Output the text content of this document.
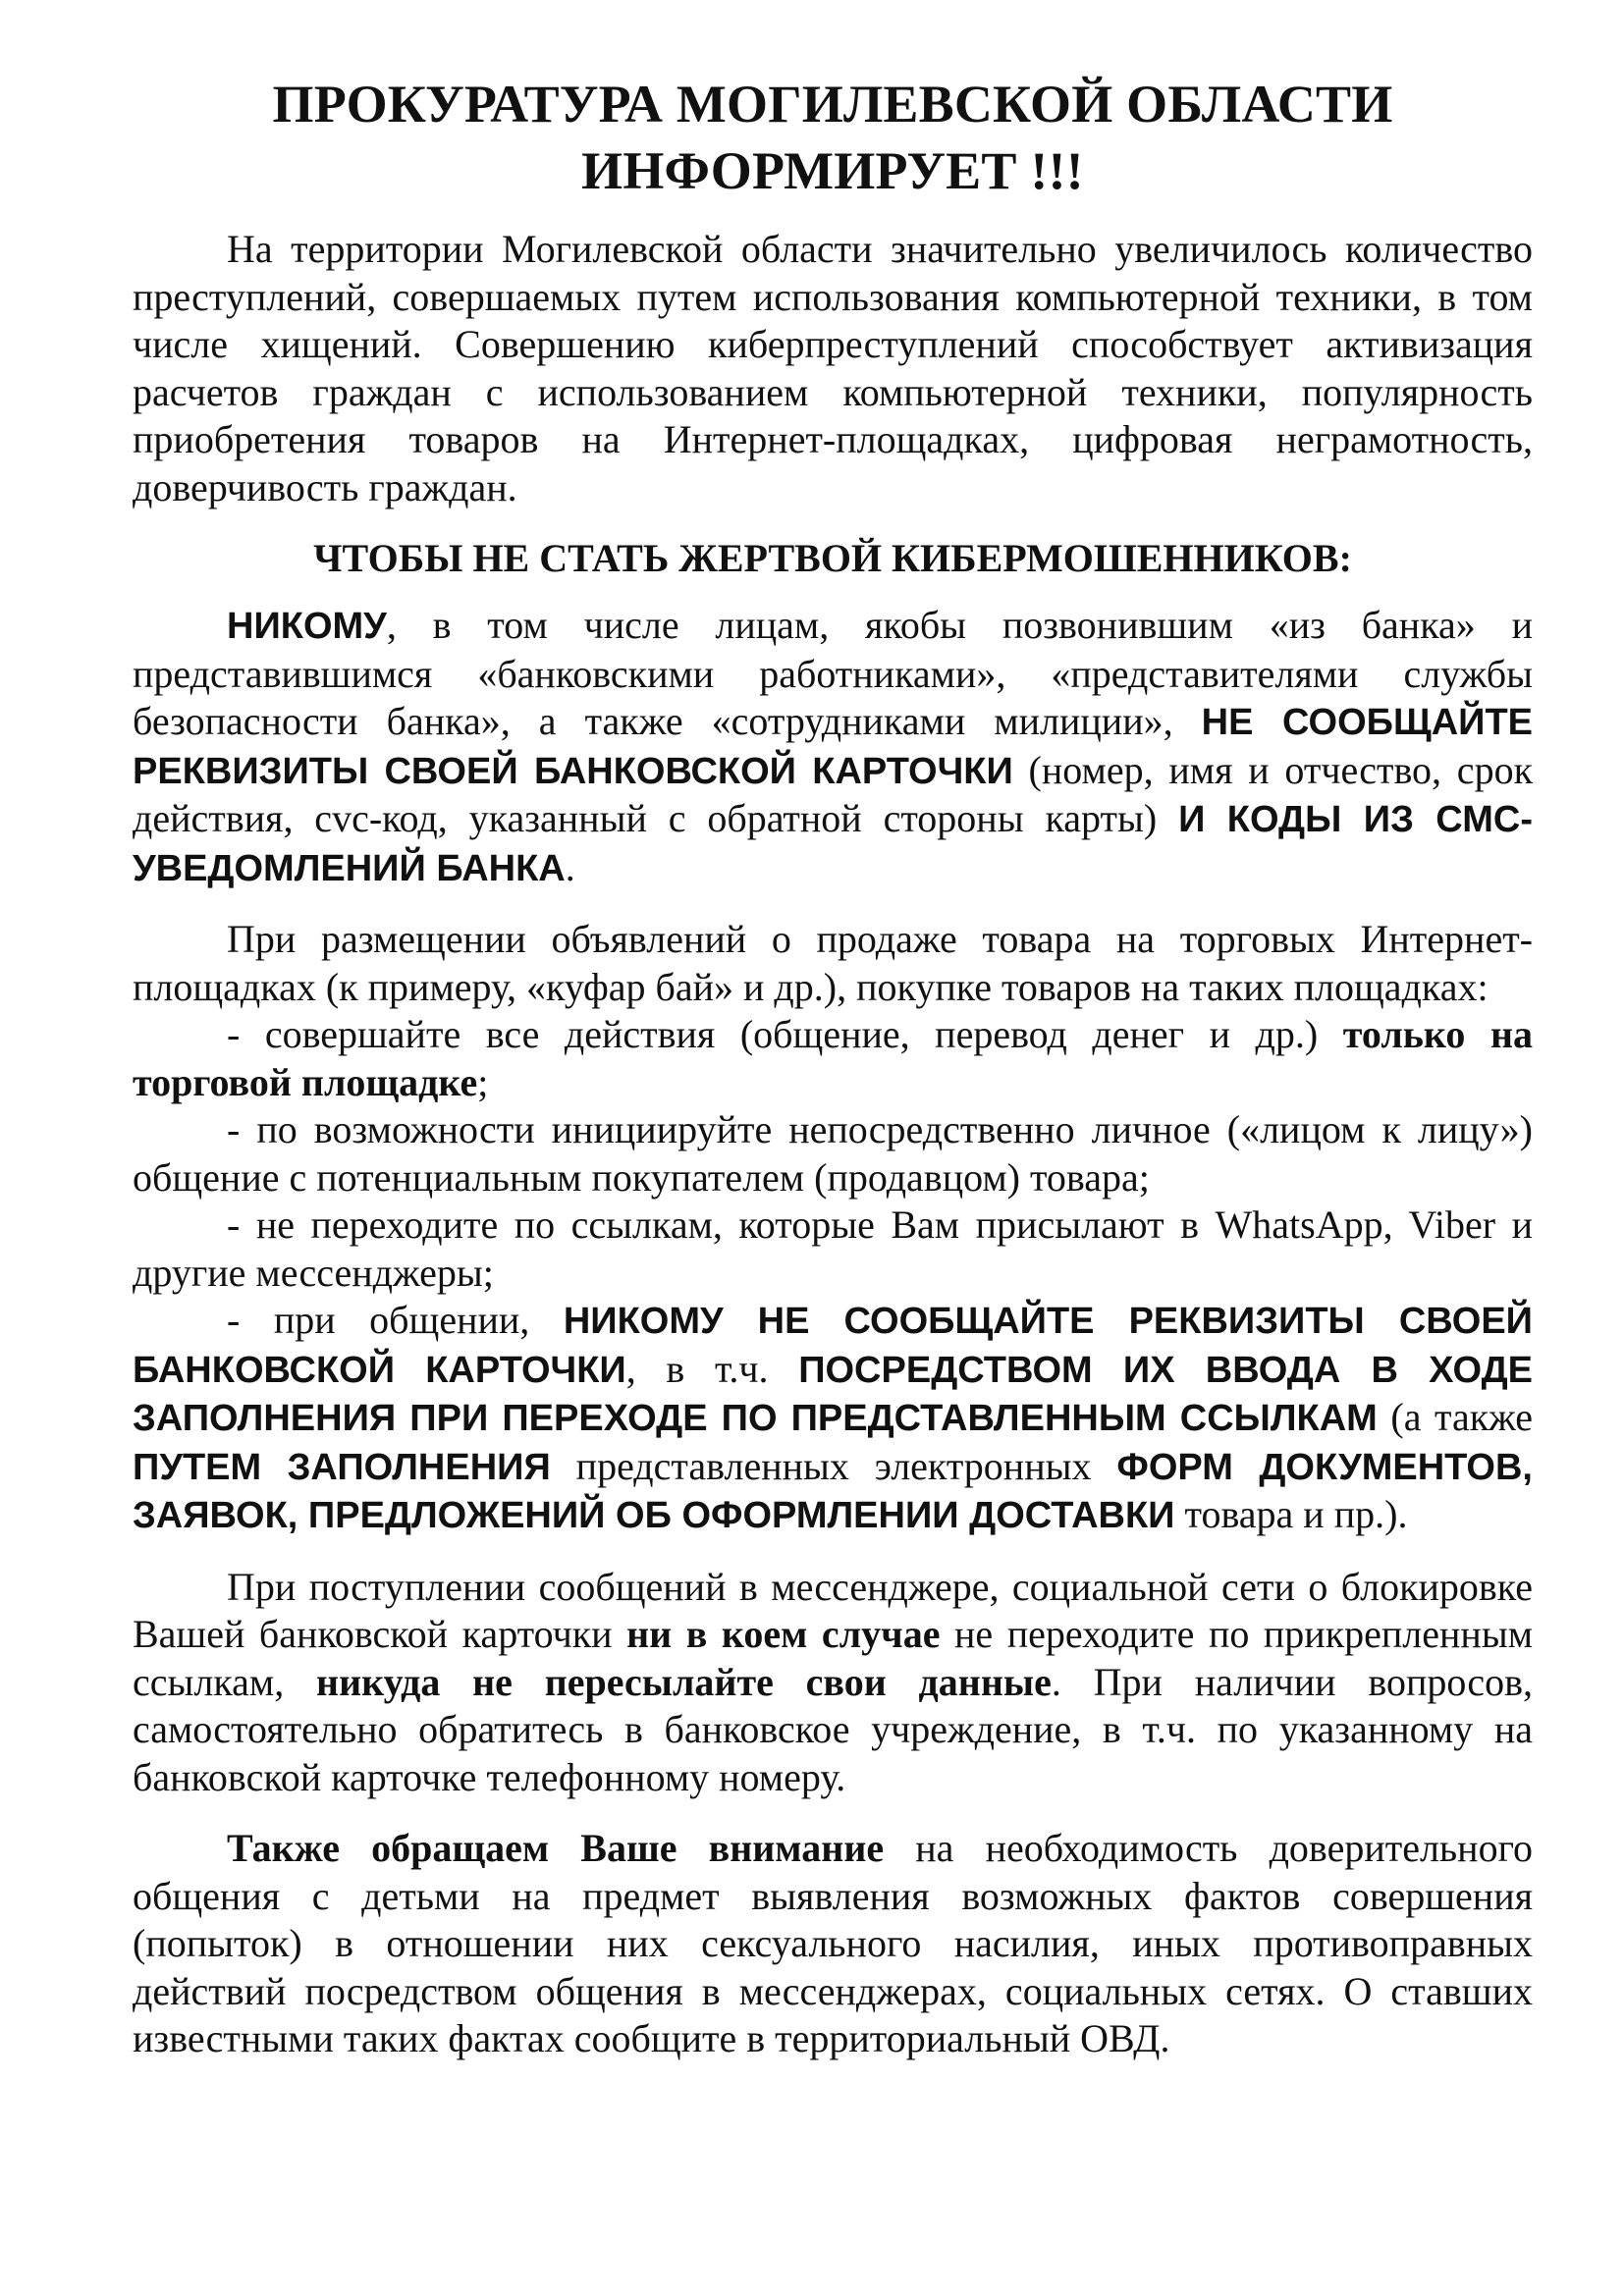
ПРОКУРАТУРА МОГИЛЕВСКОЙ ОБЛАСТИ
ИНФОРМИРУЕТ !!!

На территории Могилевской области значительно увеличилось количество преступлений, совершаемых путем использования компьютерной техники, в том числе хищений. Совершению киберпреступлений способствует активизация расчетов граждан с использованием компьютерной техники, популярность приобретения товаров на Интернет-площадках, цифровая неграмотность, доверчивость граждан.

ЧТОБЫ НЕ СТАТЬ ЖЕРТВОЙ КИБЕРМОШЕННИКОВ:

НИКОМУ, в том числе лицам, якобы позвонившим «из банка» и представившимся «банковскими работниками», «представителями службы безопасности банка», а также «сотрудниками милиции», НЕ СООБЩАЙТЕ РЕКВИЗИТЫ СВОЕЙ БАНКОВСКОЙ КАРТОЧКИ (номер, имя и отчество, срок действия, cvc-код, указанный с обратной стороны карты) И КОДЫ ИЗ СМС-УВЕДОМЛЕНИЙ БАНКА.

При размещении объявлений о продаже товара на торговых Интернет-площадках (к примеру, «куфар бай» и др.), покупке товаров на таких площадках:

- совершайте все действия (общение, перевод денег и др.) только на торговой площадке;

- по возможности инициируйте непосредственно личное («лицом к лицу») общение с потенциальным покупателем (продавцом) товара;

- не переходите по ссылкам, которые Вам присылают в WhatsApp, Viber и другие мессенджеры;

- при общении, НИКОМУ НЕ СООБЩАЙТЕ РЕКВИЗИТЫ СВОЕЙ БАНКОВСКОЙ КАРТОЧКИ, в т.ч. ПОСРЕДСТВОМ ИХ ВВОДА В ХОДЕ ЗАПОЛНЕНИЯ ПРИ ПЕРЕХОДЕ ПО ПРЕДСТАВЛЕННЫМ ССЫЛКАМ (а также ПУТЕМ ЗАПОЛНЕНИЯ представленных электронных ФОРМ ДОКУМЕНТОВ, ЗАЯВОК, ПРЕДЛОЖЕНИЙ ОБ ОФОРМЛЕНИИ ДОСТАВКИ товара и пр.).

При поступлении сообщений в мессенджере, социальной сети о блокировке Вашей банковской карточки ни в коем случае не переходите по прикрепленным ссылкам, никуда не пересылайте свои данные. При наличии вопросов, самостоятельно обратитесь в банковское учреждение, в т.ч. по указанному на банковской карточке телефонному номеру.

Также обращаем Ваше внимание на необходимость доверительного общения с детьми на предмет выявления возможных фактов совершения (попыток) в отношении них сексуального насилия, иных противоправных действий посредством общения в мессенджерах, социальных сетях. О ставших известными таких фактах сообщите в территориальный ОВД.
